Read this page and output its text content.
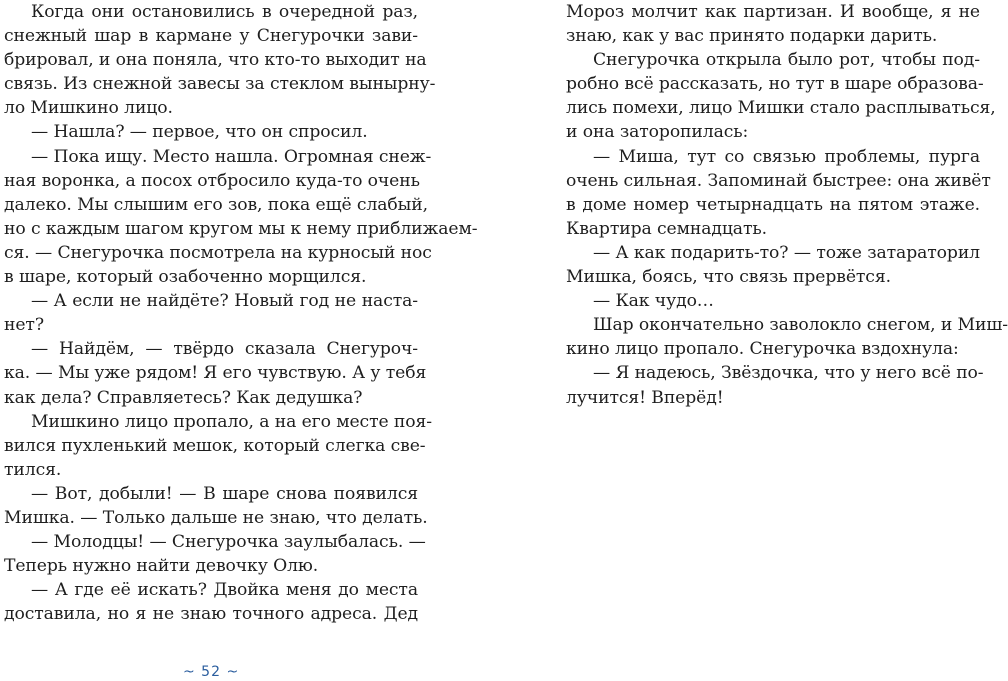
Когда они остановились в очередной раз,
снежный шар в кармане у Снегурочки зави-
брировал, и она поняла, что кто-то выходит на
связь. Из снежной завесы за стеклом вынырну-
ло Мишкино лицо.
— Нашла? — первое, что он спросил.
— Пока ищу. Место нашла. Огромная снеж-
ная воронка, а посох отбросило куда-то очень
далеко. Мы слышим его зов, пока ещё слабый,
но с каждым шагом кругом мы к нему приближаем-
ся. — Снегурочка посмотрела на курносый нос
в шаре, который озабоченно морщился.
— А если не найдёте? Новый год не наста-
нет?
— Найдём, — твёрдо сказала Снегуроч-
ка. — Мы уже рядом! Я его чувствую. А у тебя
как дела? Справляетесь? Как дедушка?
Мишкино лицо пропало, а на его месте поя-
вился пухленький мешок, который слегка све-
тился.
— Вот, добыли! — В шаре снова появился
Мишка. — Только дальше не знаю, что делать.
— Молодцы! — Снегурочка заулыбалась. —
Теперь нужно найти девочку Олю.
— А где её искать? Двойка меня до места
доставила, но я не знаю точного адреса. Дед
Мороз молчит как партизан. И вообще, я не
знаю, как у вас принято подарки дарить.
Снегурочка открыла было рот, чтобы под-
робно всё рассказать, но тут в шаре образова-
лись помехи, лицо Мишки стало расплываться,
и она заторопилась:
— Миша, тут со связью проблемы, пурга
очень сильная. Запоминай быстрее: она живёт
в доме номер четырнадцать на пятом этаже.
Квартира семнадцать.
— А как подарить-то? — тоже затараторил
Мишка, боясь, что связь прервётся.
— Как чудо…
Шар окончательно заволокло снегом, и Миш-
кино лицо пропало. Снегурочка вздохнула:
— Я надеюсь, Звёздочка, что у него всё по-
лучится! Вперёд!
~ 52 ~
